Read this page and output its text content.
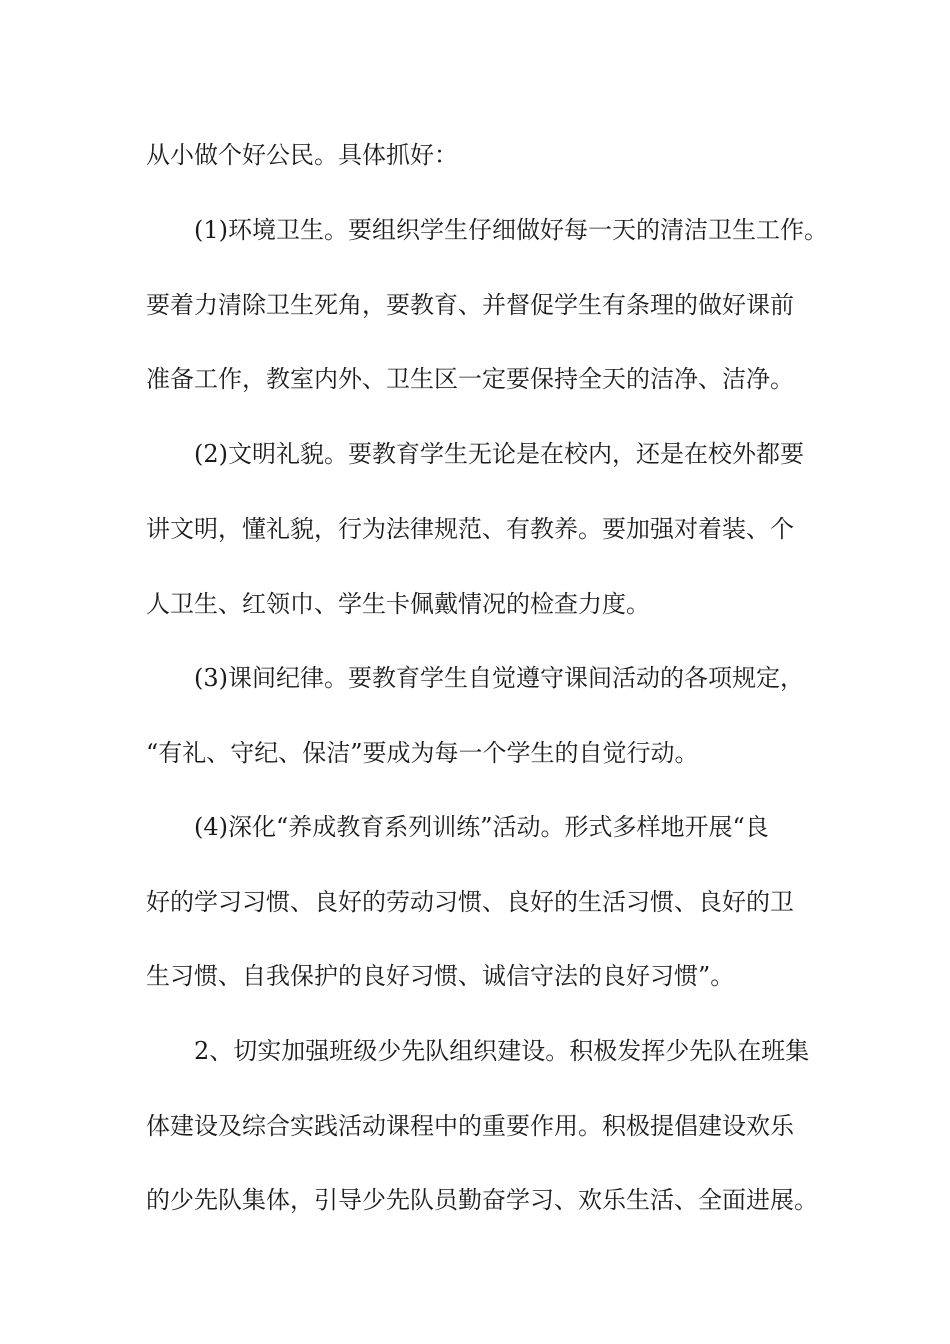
从小做个好公民。具体抓好：
(1)环境卫生。要组织学生仔细做好每一天的清洁卫生工作。
要着力清除卫生死角，要教育、并督促学生有条理的做好课前
准备工作，教室内外、卫生区一定要保持全天的洁净、洁净。
(2)文明礼貌。要教育学生无论是在校内，还是在校外都要
讲文明，懂礼貌，行为法律规范、有教养。要加强对着装、个
人卫生、红领巾、学生卡佩戴情况的检查力度。
(3)课间纪律。要教育学生自觉遵守课间活动的各项规定，
“有礼、守纪、保洁”要成为每一个学生的自觉行动。
(4)深化“养成教育系列训练”活动。形式多样地开展“良
好的学习习惯、良好的劳动习惯、良好的生活习惯、良好的卫
生习惯、自我保护的良好习惯、诚信守法的良好习惯”。
2、切实加强班级少先队组织建设。积极发挥少先队在班集
体建设及综合实践活动课程中的重要作用。积极提倡建设欢乐
的少先队集体，引导少先队员勤奋学习、欢乐生活、全面进展。
